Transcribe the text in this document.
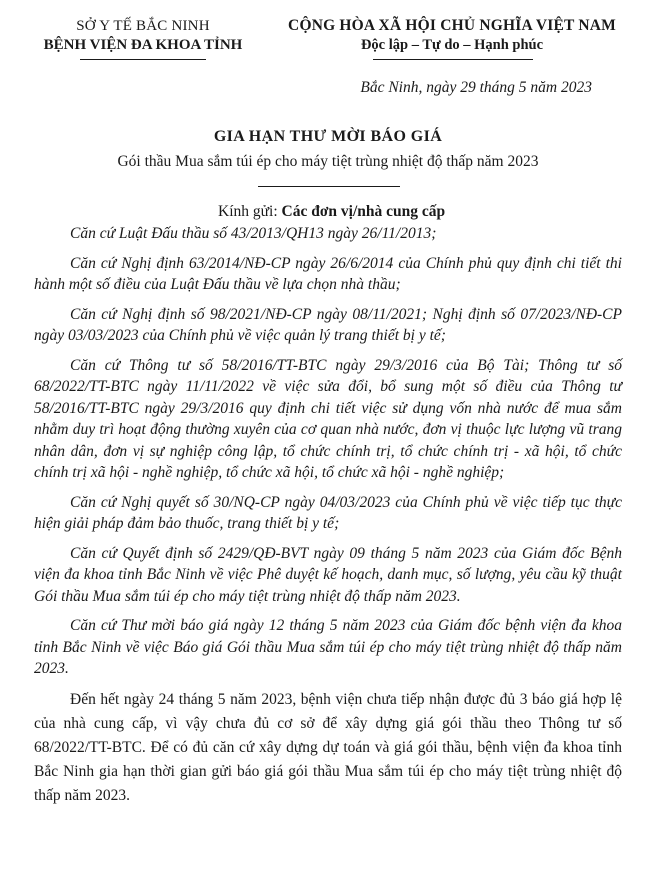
SỞ Y TẾ BẮC NINH
BỆNH VIỆN ĐA KHOA TỈNH
CỘNG HÒA XÃ HỘI CHỦ NGHĨA VIỆT NAM
Độc lập – Tự do – Hạnh phúc
Bắc Ninh, ngày 29 tháng 5 năm 2023
GIA HẠN THƯ MỜI BÁO GIÁ
Gói thầu Mua sắm túi ép cho máy tiệt trùng nhiệt độ thấp năm 2023
Kính gửi: Các đơn vị/nhà cung cấp

Căn cứ Luật Đấu thầu số 43/2013/QH13 ngày 26/11/2013;

Căn cứ Nghị định 63/2014/NĐ-CP ngày 26/6/2014 của Chính phủ quy định chi tiết thi hành một số điều của Luật Đấu thầu về lựa chọn nhà thầu;

Căn cứ Nghị định số 98/2021/NĐ-CP ngày 08/11/2021; Nghị định số 07/2023/NĐ-CP ngày 03/03/2023 của Chính phủ về việc quản lý trang thiết bị y tế;

Căn cứ Thông tư số 58/2016/TT-BTC ngày 29/3/2016 của Bộ Tài; Thông tư số 68/2022/TT-BTC ngày 11/11/2022 về việc sửa đổi, bổ sung một số điều của Thông tư 58/2016/TT-BTC ngày 29/3/2016 quy định chi tiết việc sử dụng vốn nhà nước để mua sắm nhằm duy trì hoạt động thường xuyên của cơ quan nhà nước, đơn vị thuộc lực lượng vũ trang nhân dân, đơn vị sự nghiệp công lập, tổ chức chính trị, tổ chức chính trị - xã hội, tổ chức chính trị xã hội - nghề nghiệp, tổ chức xã hội, tổ chức xã hội - nghề nghiệp;

Căn cứ Nghị quyết số 30/NQ-CP ngày 04/03/2023 của Chính phủ về việc tiếp tục thực hiện giải pháp đảm bảo thuốc, trang thiết bị y tế;

Căn cứ Quyết định số 2429/QĐ-BVT ngày 09 tháng 5 năm 2023 của Giám đốc Bệnh viện đa khoa tỉnh Bắc Ninh về việc Phê duyệt kế hoạch, danh mục, số lượng, yêu cầu kỹ thuật Gói thầu Mua sắm túi ép cho máy tiệt trùng nhiệt độ thấp năm 2023.

Căn cứ Thư mời báo giá ngày 12 tháng 5 năm 2023 của Giám đốc bệnh viện đa khoa tỉnh Bắc Ninh về việc Báo giá Gói thầu Mua sắm túi ép cho máy tiệt trùng nhiệt độ thấp năm 2023.

Đến hết ngày 24 tháng 5 năm 2023, bệnh viện chưa tiếp nhận được đủ 3 báo giá hợp lệ của nhà cung cấp, vì vậy chưa đủ cơ sở để xây dựng giá gói thầu theo Thông tư số 68/2022/TT-BTC. Để có đủ căn cứ xây dựng dự toán và giá gói thầu, bệnh viện đa khoa tỉnh Bắc Ninh gia hạn thời gian gửi báo giá gói thầu Mua sắm túi ép cho máy tiệt trùng nhiệt độ thấp năm 2023.
